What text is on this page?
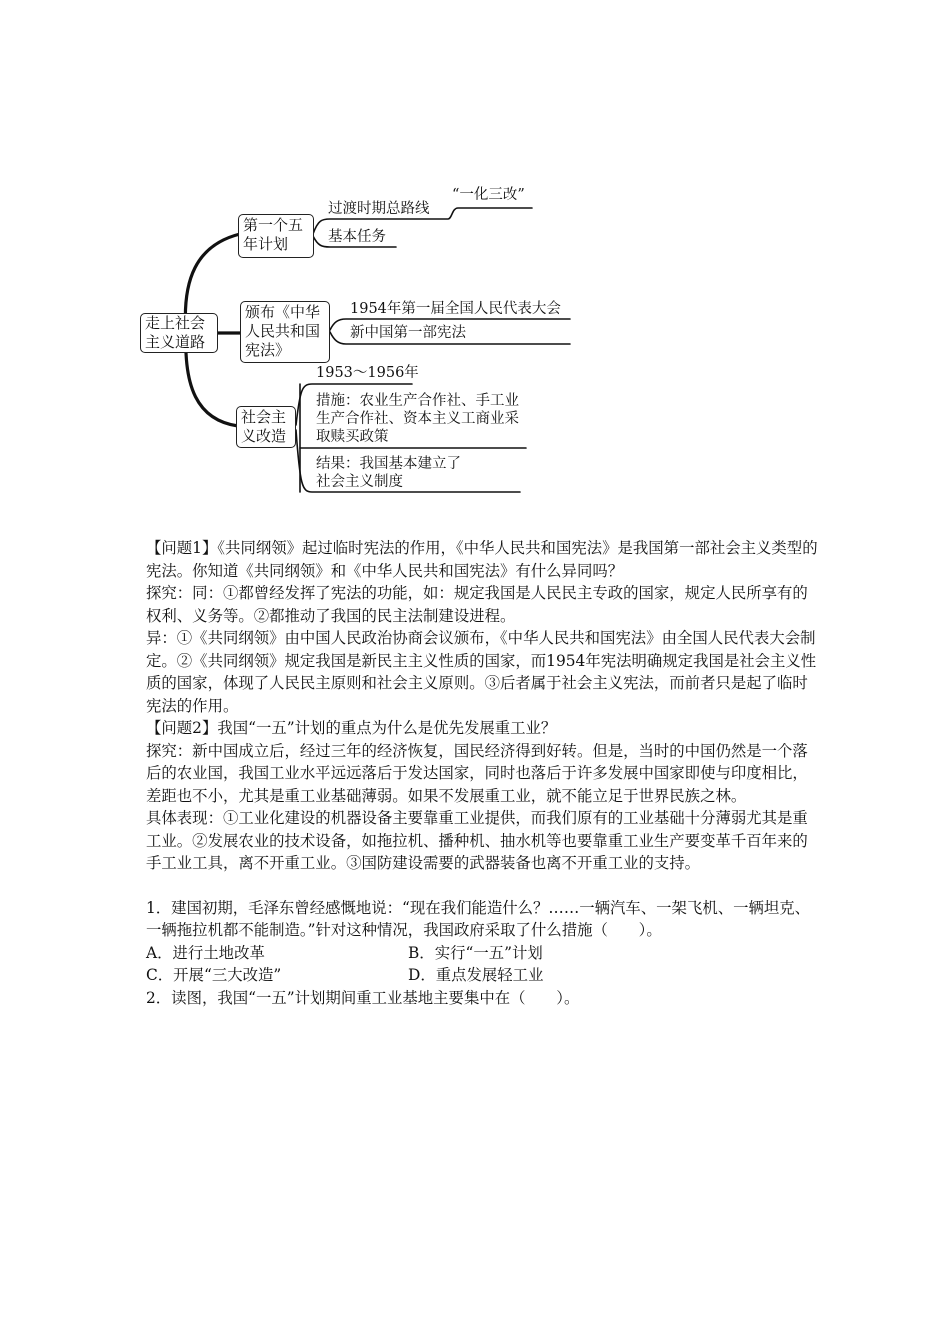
走上社会主义道路
第一个五年计划
过渡时期总路线
基本任务
“一化三改”
颁布《中华人民共和国宪法》
1954年第一届全国人民代表大会
新中国第一部宪法
社会主义改造
1953～1956年
措施：农业生产合作社、手工业生产合作社、资本主义工商业采取赎买政策
结果：我国基本建立了社会主义制度

【问题1】《共同纲领》起过临时宪法的作用，《中华人民共和国宪法》是我国第一部社会主义类型的宪法。你知道《共同纲领》和《中华人民共和国宪法》有什么异同吗？

探究：同：①都曾经发挥了宪法的功能，如：规定我国是人民民主专政的国家，规定人民所享有的权利、义务等。②都推动了我国的民主法制建设进程。

异：①《共同纲领》由中国人民政治协商会议颁布，《中华人民共和国宪法》由全国人民代表大会制定。②《共同纲领》规定我国是新民主主义性质的国家，而1954年宪法明确规定我国是社会主义性质的国家，体现了人民民主原则和社会主义原则。③后者属于社会主义宪法，而前者只是起了临时宪法的作用。

【问题2】我国“一五”计划的重点为什么是优先发展重工业？

探究：新中国成立后，经过三年的经济恢复，国民经济得到好转。但是，当时的中国仍然是一个落后的农业国，我国工业水平远远落后于发达国家，同时也落后于许多发展中国家即使与印度相比，差距也不小，尤其是重工业基础薄弱。如果不发展重工业，就不能立足于世界民族之林。

具体表现：①工业化建设的机器设备主要靠重工业提供，而我们原有的工业基础十分薄弱尤其是重工业。②发展农业的技术设备，如拖拉机、播种机、抽水机等也要靠重工业生产要变革千百年来的手工业工具，离不开重工业。③国防建设需要的武器装备也离不开重工业的支持。

1．建国初期，毛泽东曾经感慨地说：“现在我们能造什么？……一辆汽车、一架飞机、一辆坦克、一辆拖拉机都不能制造。”针对这种情况，我国政府采取了什么措施（　　）。

A．进行土地改革	B．实行“一五”计划

C．开展“三大改造”	D．重点发展轻工业

2．读图，我国“一五”计划期间重工业基地主要集中在（　　）。
